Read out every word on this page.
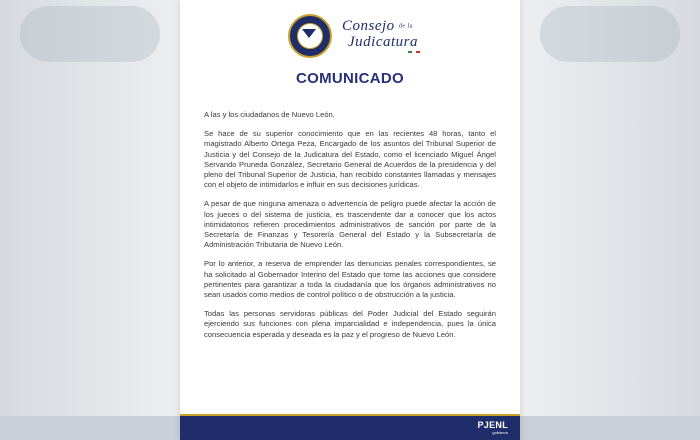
Consejo de la
Judicatura
COMUNICADO

A las y los ciudadanos de Nuevo León.

Se hace de su superior conocimiento que en las recientes 48 horas, tanto el magistrado Alberto Ortega Peza, Encargado de los asuntos del Tribunal Superior de Justicia y del Consejo de la Judicatura del Estado, como el licenciado Miguel Ángel Servando Pruneda González, Secretario General de Acuerdos de la presidencia y del pleno del Tribunal Superior de Justicia, han recibido constantes llamadas y mensajes con el objeto de intimidarlos e influir en sus decisiones jurídicas.

A pesar de que ninguna amenaza o advertencia de peligro puede afectar la acción de los jueces o del sistema de justicia, es trascendente dar a conocer que los actos intimidatorios refieren procedimientos administrativos de sanción por parte de la Secretaría de Finanzas y Tesorería General del Estado y la Subsecretaría de Administración Tributaria de Nuevo León.

Por lo anterior, a reserva de emprender las denuncias penales correspondientes, se ha solicitado al Gobernador Interino del Estado que tome las acciones que considere pertinentes para garantizar a toda la ciudadanía que los órganos administrativos no sean usados como medios de control político o de obstrucción a la justicia.

Todas las personas servidoras públicas del Poder Judicial del Estado seguirán ejerciendo sus funciones con plena imparcialidad e independencia, pues la única consecuencia esperada y deseada es la paz y el progreso de Nuevo León.

PJENL
gobierno
